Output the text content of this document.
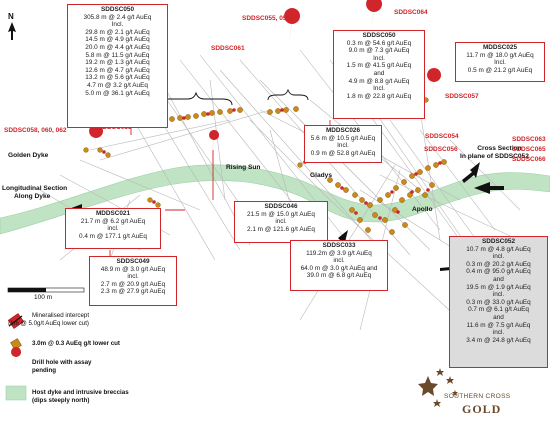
N
100 m
Golden Dyke
Rising Sun
Gladys
Apollo
Longitudinal Section
Along Dyke
Cross Section
In plane of SDDSC052
SDDSC055, 059
SDDSC064
SDDSC061
SDDSC057
SDDSC058, 060, 062
SDDSC054
SDDSC056
SDDSC063
SDDSC065
SDDSC066
SDDSC050
305.8 m @ 2.4 g/t AuEq
Incl.
29.8 m @ 2.1 g/t AuEq
14.5 m @ 4.9 g/t AuEq
20.0 m @ 4.4 g/t AuEq
5.8 m @ 11.5 g/t AuEq
19.2 m @ 1.3 g/t AuEq
12.6 m @ 4.7 g/t AuEq
13.2 m @ 5.6 g/t AuEq
4.7 m @ 3.2 g/t AuEq
5.0 m @ 36.1 g/t AuEq
SDDSC050
0.3 m @ 54.6 g/t AuEq
9.0 m @ 7.3 g/t AuEq
Incl.
1.5 m @ 41.5 g/t AuEq
and
4.9 m @ 8.8 g/t AuEq
Incl.
1.8 m @ 22.8 g/t AuEq
MDDSC025
11.7 m @ 18.0 g/t AuEq
Incl.
0.5 m @ 21.2 g/t AuEq
MDDSC026
5.6 m @ 10.5 g/t AuEq
Incl.
0.9 m @ 52.8 g/t AuEq
MDDSC021
21.7 m @ 6.2 g/t AuEq
incl.
0.4 m @ 177.1 g/t AuEq
SDDSC046
21.5 m @ 15.0 g/t AuEq
incl.
2.1 m @ 121.6 g/t AuEq
SDDSC049
48.9 m @ 3.0 g/t AuEq
incl.
2.7 m @ 20.9 g/t AuEq
2.3 m @ 27.9 g/t AuEq
SDDSC033
119.2m @ 3.9 g/t AuEq
incl.
64.0 m @ 3.0 g/t AuEq and
39.0 m @ 6.8 g/t AuEq
SDDSC052
10.7 m @ 4.8 g/t AuEq
incl.
0.3 m @ 20.2 g/t AuEq
0.4 m @ 95.0 g/t AuEq
and
19.5 m @ 1.9 g/t AuEq
incl.
0.3 m @ 33.0 g/t AuEq
0.7 m @ 6.1 g/t AuEq
and
11.6 m @ 7.5 g/t AuEq
incl.
3.4 m @ 24.8 g/t AuEq
Mineralised intercept
(1m @ 5.0g/t AuEq lower cut)
3.0m @ 0.3 AuEq g/t lower cut
Drill hole with assay
pending
Host dyke and intrusive breccias
(dips steeply north)
SOUTHERN CROSS
GOLD
